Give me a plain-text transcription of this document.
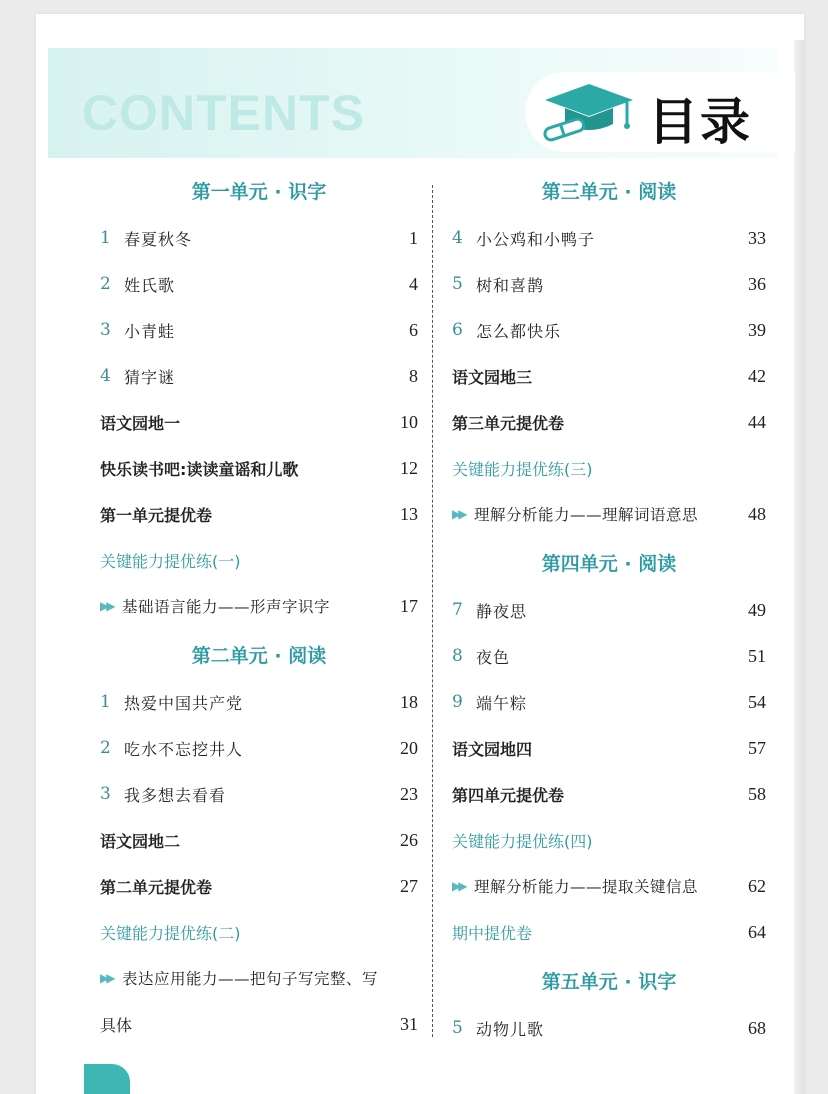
CONTENTS	目录
第一单元 · 识字
1 春夏秋冬	1
2 姓氏歌	4
3 小青蛙	6
4 猜字谜	8
语文园地一	10
快乐读书吧:读读童谣和儿歌	12
第一单元提优卷	13
关键能力提优练(一)
▶▶ 基础语言能力——形声字识字	17
第二单元 · 阅读
1 热爱中国共产党	18
2 吃水不忘挖井人	20
3 我多想去看看	23
语文园地二	26
第二单元提优卷	27
关键能力提优练(二)
▶▶ 表达应用能力——把句子写完整、写
具体	31
第三单元 · 阅读
4 小公鸡和小鸭子	33
5 树和喜鹊	36
6 怎么都快乐	39
语文园地三	42
第三单元提优卷	44
关键能力提优练(三)
▶▶ 理解分析能力——理解词语意思	48
第四单元 · 阅读
7 静夜思	49
8 夜色	51
9 端午粽	54
语文园地四	57
第四单元提优卷	58
关键能力提优练(四)
▶▶ 理解分析能力——提取关键信息	62
期中提优卷	64
第五单元 · 识字
5 动物儿歌	68
